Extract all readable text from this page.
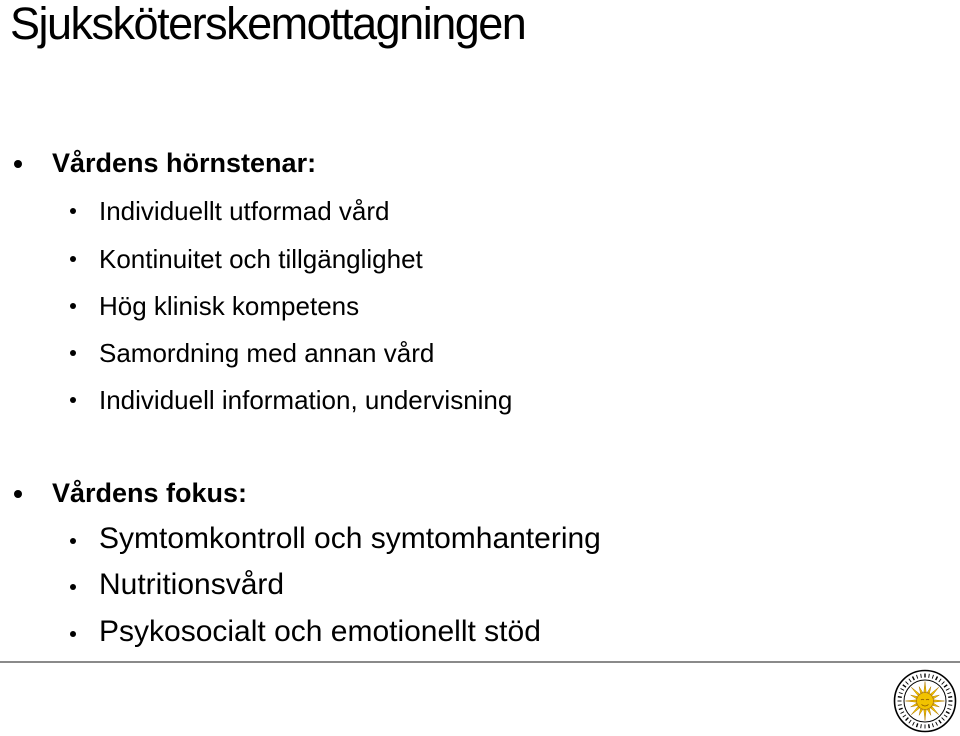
Sjuksköterskemottagningen
Vårdens hörnstenar:
Individuellt utformad vård
Kontinuitet och tillgänglighet
Hög klinisk kompetens
Samordning med annan vård
Individuell information, undervisning
Vårdens fokus:
Symtomkontroll och symtomhantering
Nutritionsvård
Psykosocialt och emotionellt stöd
